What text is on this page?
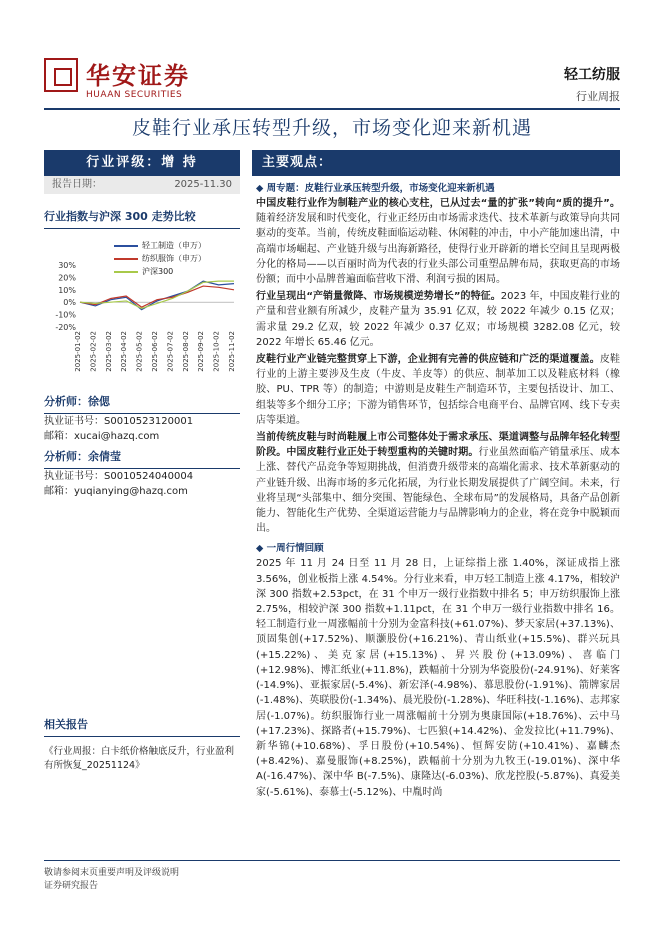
华安证券
HUAAN SECURITIES
轻工纺服
行业周报
皮鞋行业承压转型升级，市场变化迎来新机遇
行业评级：增 持
报告日期：	2025-11.30
行业指数与沪深 300 走势比较
30%
20%
10%
0%
-10%
-20%
2025-01-02 2025-02-02 2025-03-02 2025-04-02 2025-05-02 2025-06-02 2025-07-02 2025-08-02 2025-09-02 2025-10-02 2025-11-02
轻工制造（申万）
纺织服饰（申万）
沪深300
分析师：徐偲
执业证书号：S0010523120001
邮箱：xucai@hazq.com
分析师：余倩莹
执业证书号：S0010524040004
邮箱：yuqianying@hazq.com
相关报告
《行业周报：白卡纸价格触底反升，行业盈利有所恢复_20251124》
主要观点：
◆ 周专题：皮鞋行业承压转型升级，市场变化迎来新机遇
中国皮鞋行业作为制鞋产业的核心支柱，已从过去“量的扩张”转向“质的提升”。随着经济发展和时代变化，行业正经历由市场需求迭代、技术革新与政策导向共同驱动的变革。当前，传统皮鞋面临运动鞋、休闲鞋的冲击，中小产能加速出清，中高端市场崛起、产业链升级与出海新路径，使得行业开辟新的增长空间且呈现两极分化的格局——以百丽时尚为代表的行业头部公司重塑品牌布局，获取更高的市场份额；而中小品牌普遍面临营收下滑、利润亏损的困局。
行业呈现出“产销量微降、市场规模逆势增长”的特征。2023 年，中国皮鞋行业的产量和营业额有所减少，皮鞋产量为 35.91 亿双，较 2022 年减少 0.15 亿双；需求量 29.2 亿双，较 2022 年减少 0.37 亿双；市场规模 3282.08 亿元，较 2022 年增长 65.46 亿元。
皮鞋行业产业链完整贯穿上下游，企业拥有完善的供应链和广泛的渠道覆盖。皮鞋行业的上游主要涉及生皮（牛皮、羊皮等）的供应、制革加工以及鞋底材料（橡胶、PU、TPR 等）的制造；中游则是皮鞋生产制造环节，主要包括设计、加工、组装等多个细分工序；下游为销售环节，包括综合电商平台、品牌官网、线下专卖店等渠道。
当前传统皮鞋与时尚鞋履上市公司整体处于需求承压、渠道调整与品牌年轻化转型阶段。中国皮鞋行业正处于转型重构的关键时期。行业虽然面临产销量承压、成本上涨、替代产品竞争等短期挑战，但消费升级带来的高端化需求、技术革新驱动的产业链升级、出海市场的多元化拓展，为行业长期发展提供了广阔空间。未来，行业将呈现“头部集中、细分突围、智能绿色、全球布局”的发展格局，具备产品创新能力、智能化生产优势、全渠道运营能力与品牌影响力的企业，将在竞争中脱颖而出。
◆ 一周行情回顾
2025 年 11 月 24 日至 11 月 28 日，上证综指上涨 1.40%，深证成指上涨 3.56%，创业板指上涨 4.54%。分行业来看，申万轻工制造上涨 4.17%，相较沪深 300 指数+2.53pct，在 31 个申万一级行业指数中排名 5；申万纺织服饰上涨 2.75%，相较沪深 300 指数+1.11pct，在 31 个申万一级行业指数中排名 16。轻工制造行业一周涨幅前十分别为金富科技(+61.07%)、梦天家居(+37.13%)、顶固集创(+17.52%)、顺灏股份(+16.21%)、青山纸业(+15.5%)、群兴玩具(+15.22%)、美克家居(+15.13%)、昇兴股份(+13.09%)、喜临门(+12.98%)、博汇纸业(+11.8%)，跌幅前十分别为华瓷股份(-24.91%)、好莱客(-14.9%)、亚振家居(-5.4%)、新宏泽(-4.98%)、慕思股份(-1.91%)、箭牌家居(-1.48%)、英联股份(-1.34%)、晨光股份(-1.28%)、华旺科技(-1.16%)、志邦家居(-1.07%)。纺织服饰行业一周涨幅前十分别为奥康国际(+18.76%)、云中马(+17.23%)、探路者(+15.79%)、七匹狼(+14.42%)、金发拉比(+11.79%)、新华锦(+10.68%)、孚日股份(+10.54%)、恒辉安防(+10.41%)、嘉麟杰(+8.42%)、嘉曼服饰(+8.25%)，跌幅前十分别为九牧王(-19.01%)、深中华 A(-16.47%)、深中华 B(-7.5%)、康隆达(-6.03%)、欣龙控股(-5.87%)、真爱美家(-5.61%)、泰慕士(-5.12%)、中胤时尚
敬请参阅末页重要声明及评级说明
证券研究报告
